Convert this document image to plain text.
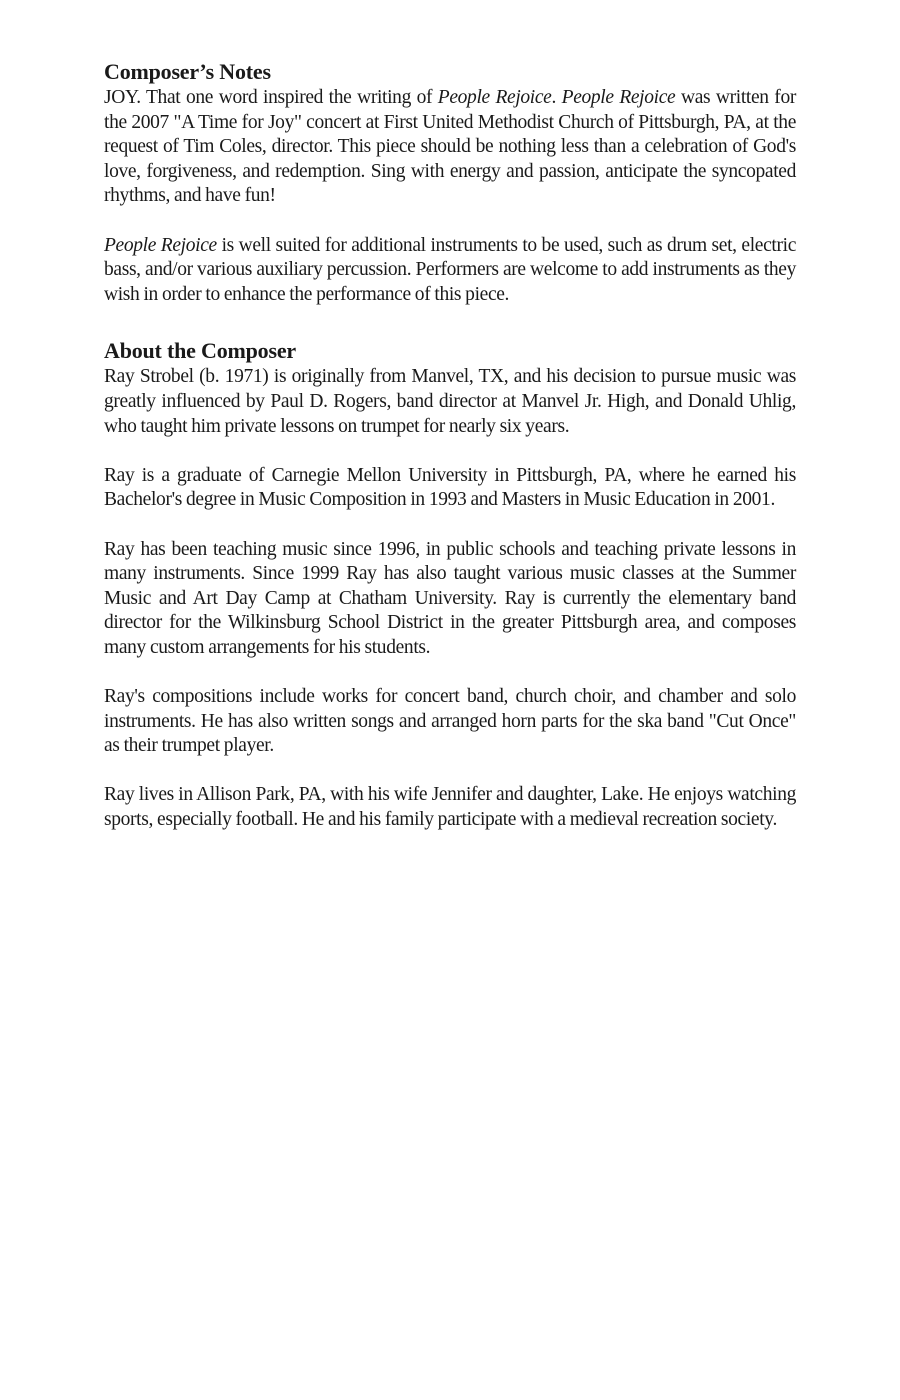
Composer’s Notes

JOY. That one word inspired the writing of People Rejoice. People Rejoice was written for the 2007 "A Time for Joy" concert at First United Methodist Church of Pittsburgh, PA, at the request of Tim Coles, director. This piece should be nothing less than a celebration of God's love, forgiveness, and redemption. Sing with energy and passion, anticipate the syncopated rhythms, and have fun!

People Rejoice is well suited for additional instruments to be used, such as drum set, electric bass, and/or various auxiliary percussion. Performers are welcome to add instruments as they wish in order to enhance the performance of this piece.

About the Composer

Ray Strobel (b. 1971) is originally from Manvel, TX, and his decision to pursue music was greatly influenced by Paul D. Rogers, band director at Manvel Jr. High, and Donald Uhlig, who taught him private lessons on trumpet for nearly six years.

Ray is a graduate of Carnegie Mellon University in Pittsburgh, PA, where he earned his Bachelor's degree in Music Composition in 1993 and Masters in Music Education in 2001.

Ray has been teaching music since 1996, in public schools and teaching private lessons in many instruments. Since 1999 Ray has also taught various music classes at the Summer Music and Art Day Camp at Chatham University. Ray is currently the elementary band director for the Wilkinsburg School District in the greater Pittsburgh area, and composes many custom arrangements for his students.

Ray's compositions include works for concert band, church choir, and chamber and solo instruments. He has also written songs and arranged horn parts for the ska band "Cut Once" as their trumpet player.

Ray lives in Allison Park, PA, with his wife Jennifer and daughter, Lake. He enjoys watching sports, especially football. He and his family participate with a medieval recreation society.
